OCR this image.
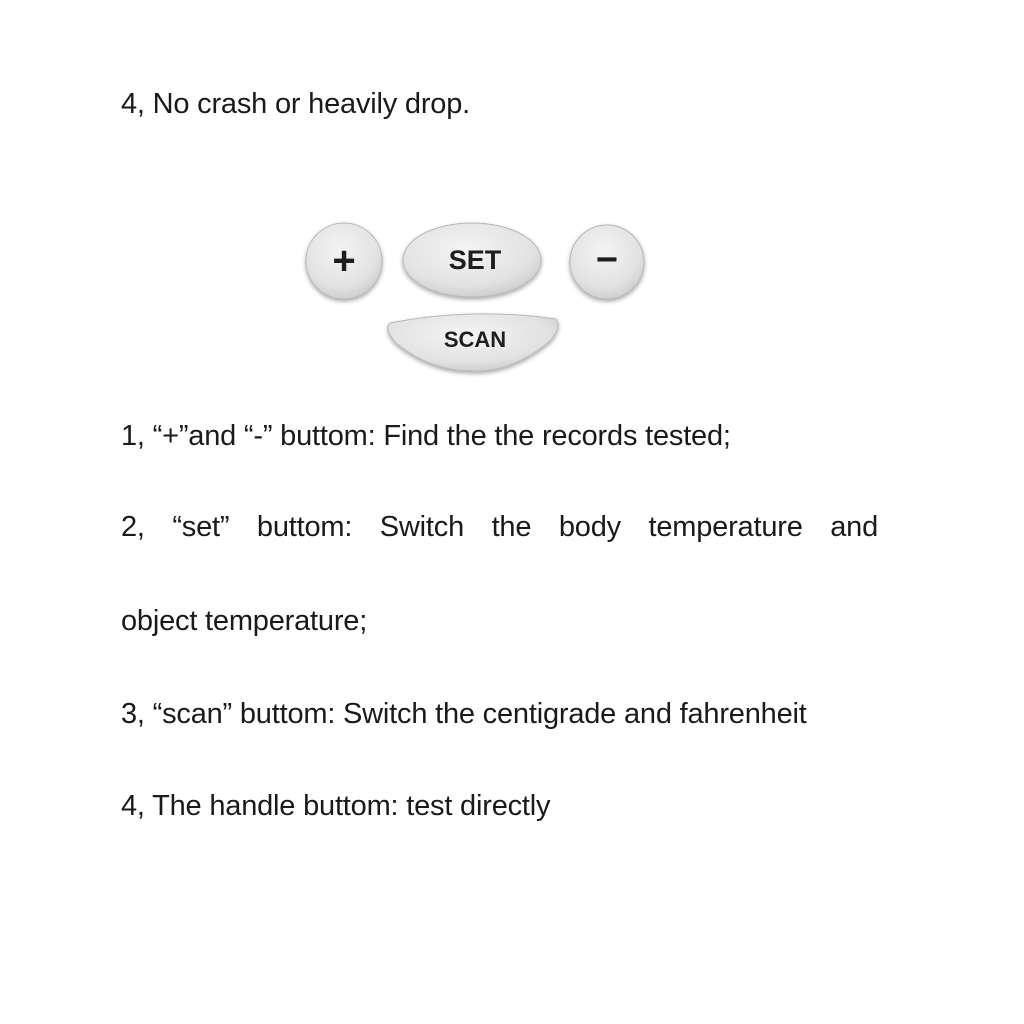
4, No crash or heavily drop.
+	SET −
SCAN
1, “+”and “-” buttom: Find the the records tested;
2, “set” buttom: Switch the body temperature and
object temperature;
3, “scan” buttom: Switch the centigrade and fahrenheit
4, The handle buttom: test directly
